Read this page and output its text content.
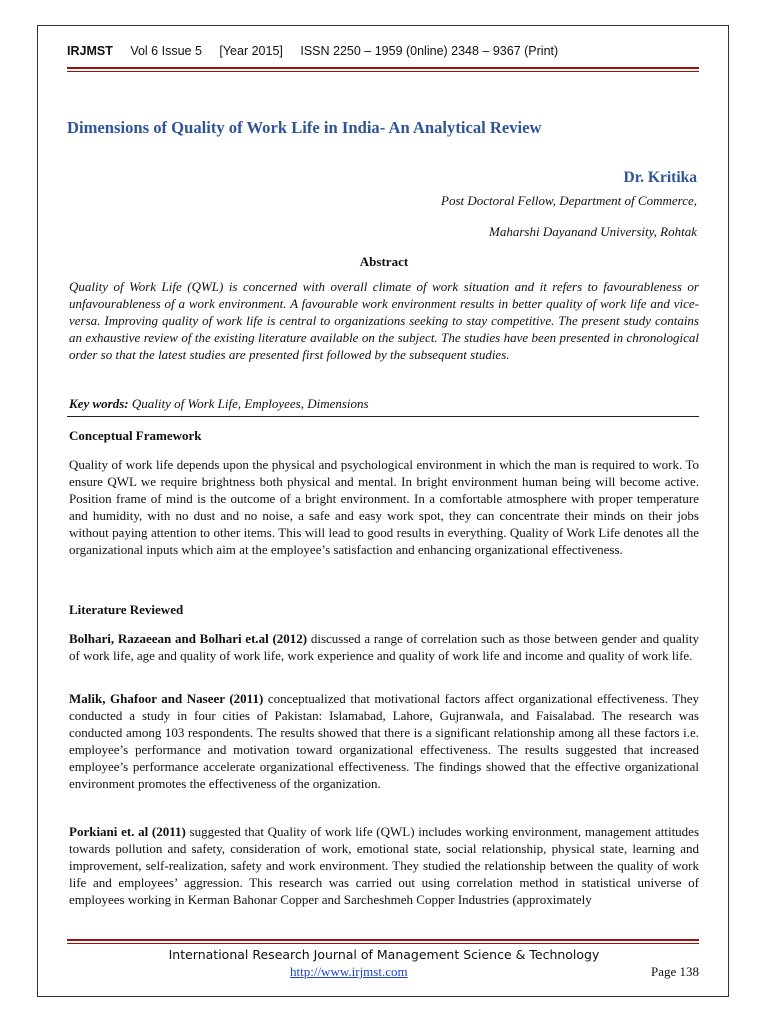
IRJMST Vol 6 Issue 5 [Year 2015] ISSN 2250 – 1959 (0nline) 2348 – 9367 (Print)
Dimensions of Quality of Work Life in India- An Analytical Review
Dr. Kritika
Post Doctoral Fellow, Department of Commerce,
Maharshi Dayanand University, Rohtak
Abstract
Quality of Work Life (QWL) is concerned with overall climate of work situation and it refers to favourableness or unfavourableness of a work environment. A favourable work environment results in better quality of work life and vice-versa. Improving quality of work life is central to organizations seeking to stay competitive. The present study contains an exhaustive review of the existing literature available on the subject. The studies have been presented in chronological order so that the latest studies are presented first followed by the subsequent studies.
Key words: Quality of Work Life, Employees, Dimensions
Conceptual Framework
Quality of work life depends upon the physical and psychological environment in which the man is required to work. To ensure QWL we require brightness both physical and mental. In bright environment human being will become active. Position frame of mind is the outcome of a bright environment. In a comfortable atmosphere with proper temperature and humidity, with no dust and no noise, a safe and easy work spot, they can concentrate their minds on their jobs without paying attention to other items. This will lead to good results in everything. Quality of Work Life denotes all the organizational inputs which aim at the employee’s satisfaction and enhancing organizational effectiveness.
Literature Reviewed
Bolhari, Razaeean and Bolhari et.al (2012) discussed a range of correlation such as those between gender and quality of work life, age and quality of work life, work experience and quality of work life and income and quality of work life.
Malik, Ghafoor and Naseer (2011) conceptualized that motivational factors affect organizational effectiveness. They conducted a study in four cities of Pakistan: Islamabad, Lahore, Gujranwala, and Faisalabad. The research was conducted among 103 respondents. The results showed that there is a significant relationship among all these factors i.e. employee’s performance and motivation toward organizational effectiveness. The results suggested that increased employee’s performance accelerate organizational effectiveness. The findings showed that the effective organizational environment promotes the effectiveness of the organization.
Porkiani et. al (2011) suggested that Quality of work life (QWL) includes working environment, management attitudes towards pollution and safety, consideration of work, emotional state, social relationship, physical state, learning and improvement, self-realization, safety and work environment. They studied the relationship between the quality of work life and employees’ aggression. This research was carried out using correlation method in statistical universe of employees working in Kerman Bahonar Copper and Sarcheshmeh Copper Industries (approximately
International Research Journal of Management Science & Technology
http://www.irjmst.com	Page 138
